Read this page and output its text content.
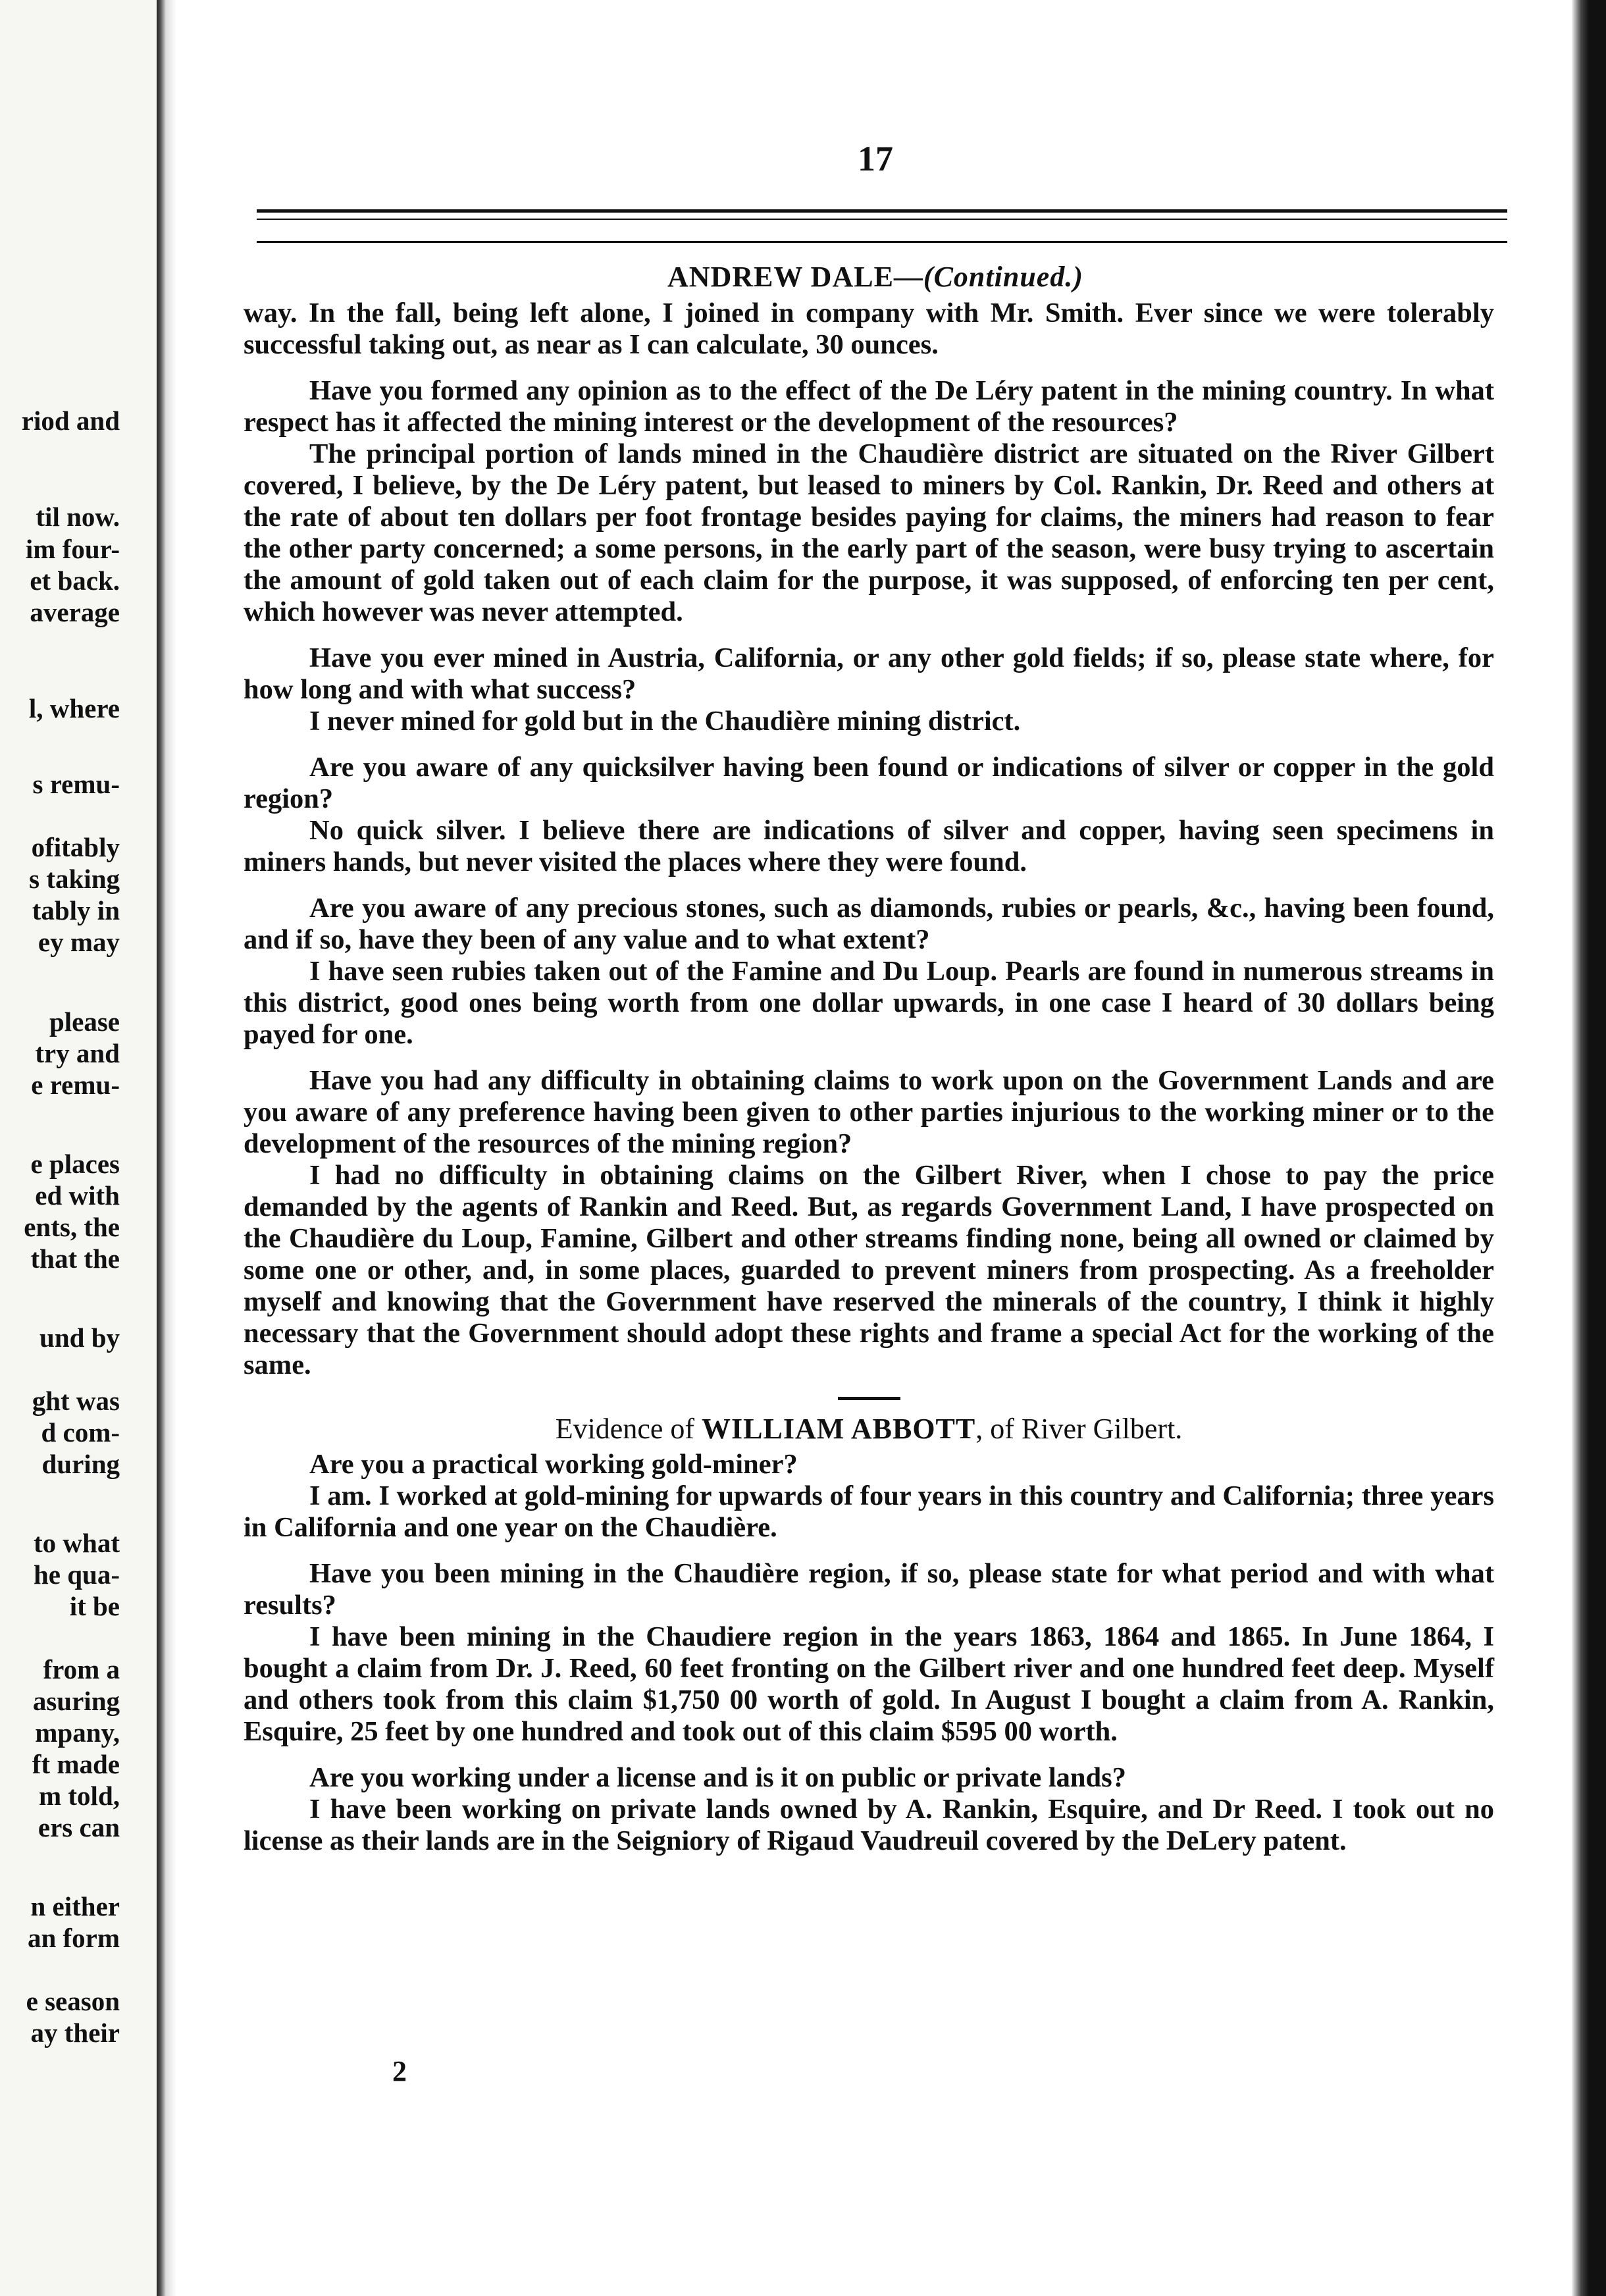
riod and
til now.
im four-
et back.
average
l, where
s remu-
ofitably
s taking
tably in
ey may
please
try and
e remu-
e places
ed with
ents, the
that the
und by
ght was
d com-
during
to what
he qua-
it be
from a
asuring
mpany,
ft made
m told,
ers can
n either
an form
e season
ay their
17
ANDREW DALE—(Continued.)

way. In the fall, being left alone, I joined in company with Mr. Smith. Ever since we were tolerably successful taking out, as near as I can calculate, 30 ounces.

Have you formed any opinion as to the effect of the De Léry patent in the mining country. In what respect has it affected the mining interest or the development of the resources?

The principal portion of lands mined in the Chaudière district are situated on the River Gilbert covered, I believe, by the De Léry patent, but leased to miners by Col. Rankin, Dr. Reed and others at the rate of about ten dollars per foot frontage besides paying for claims, the miners had reason to fear the other party concerned; a some persons, in the early part of the season, were busy trying to ascertain the amount of gold taken out of each claim for the purpose, it was supposed, of enforcing ten per cent, which however was never attempted.

Have you ever mined in Austria, California, or any other gold fields; if so, please state where, for how long and with what success?

I never mined for gold but in the Chaudière mining district.

Are you aware of any quicksilver having been found or indications of silver or copper in the gold region?

No quick silver. I believe there are indications of silver and copper, having seen specimens in miners hands, but never visited the places where they were found.

Are you aware of any precious stones, such as diamonds, rubies or pearls, &c., having been found, and if so, have they been of any value and to what extent?

I have seen rubies taken out of the Famine and Du Loup. Pearls are found in numerous streams in this district, good ones being worth from one dollar upwards, in one case I heard of 30 dollars being payed for one.

Have you had any difficulty in obtaining claims to work upon on the Government Lands and are you aware of any preference having been given to other parties injurious to the working miner or to the development of the resources of the mining region?

I had no difficulty in obtaining claims on the Gilbert River, when I chose to pay the price demanded by the agents of Rankin and Reed. But, as regards Government Land, I have prospected on the Chaudière du Loup, Famine, Gilbert and other streams finding none, being all owned or claimed by some one or other, and, in some places, guarded to prevent miners from prospecting. As a freeholder myself and knowing that the Government have reserved the minerals of the country, I think it highly necessary that the Government should adopt these rights and frame a special Act for the working of the same.

Evidence of WILLIAM ABBOTT, of River Gilbert.

Are you a practical working gold-miner?

I am. I worked at gold-mining for upwards of four years in this country and California; three years in California and one year on the Chaudière.

Have you been mining in the Chaudière region, if so, please state for what period and with what results?

I have been mining in the Chaudiere region in the years 1863, 1864 and 1865. In June 1864, I bought a claim from Dr. J. Reed, 60 feet fronting on the Gilbert river and one hundred feet deep. Myself and others took from this claim $1,750 00 worth of gold. In August I bought a claim from A. Rankin, Esquire, 25 feet by one hundred and took out of this claim $595 00 worth.

Are you working under a license and is it on public or private lands?

I have been working on private lands owned by A. Rankin, Esquire, and Dr Reed. I took out no license as their lands are in the Seigniory of Rigaud Vaudreuil covered by the DeLery patent.

2
